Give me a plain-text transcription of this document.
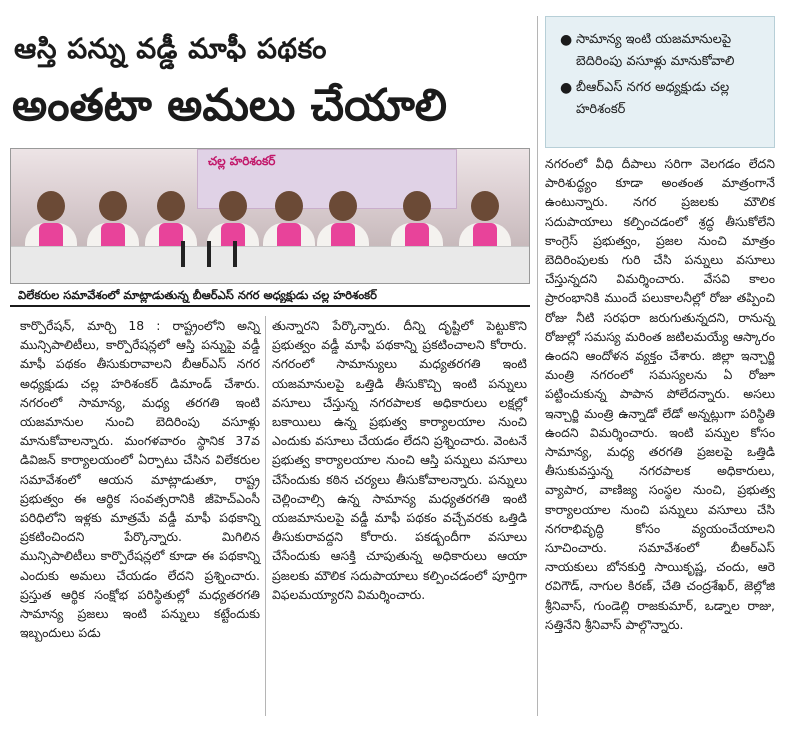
ఆస్తి పన్ను వడ్డీ మాఫీ పథకం
అంతటా అమలు చేయాలి
● సామాన్య ఇంటి యజమానులపై బెదిరింపు వసూళ్లు మానుకోవాలి
● బీఆర్ఎస్ నగర అధ్యక్షుడు చల్ల హరిశంకర్
చల్ల హరిశంకర్
విలేకరుల సమావేశంలో మాట్లాడుతున్న బీఆర్ఎస్ నగర అధ్యక్షుడు చల్ల హరిశంకర్

కార్పొరేషన్, మార్చి 18 : రాష్ట్రంలోని అన్ని మున్సిపాలిటీలు, కార్పొరేషన్లలో ఆస్తి పన్నుపై వడ్డీ మాఫీ పథకం తీసుకురావాలని బీఆర్ఎస్ నగర అధ్యక్షుడు చల్ల హరిశంకర్ డిమాండ్ చేశారు. నగరంలో సామాన్య, మధ్య తరగతి ఇంటి యజమానుల నుంచి బెదిరింపు వసూళ్లు మానుకోవాలన్నారు. మంగళవారం స్థానిక 37వ డివిజన్ కార్యాలయంలో ఏర్పాటు చేసిన విలేకరుల సమావేశంలో ఆయన మాట్లాడుతూ, రాష్ట్ర ప్రభుత్వం ఈ ఆర్థిక సంవత్సరానికి జీహెచ్ఎంసీ పరిధిలోని ఇళ్లకు మాత్రమే వడ్డీ మాఫీ పథకాన్ని ప్రకటించిందని పేర్కొన్నారు. మిగిలిన మున్సిపాలిటీలు కార్పొరేషన్లలో కూడా ఈ పథకాన్ని ఎందుకు అమలు చేయడం లేదని ప్రశ్నించారు. ప్రస్తుత ఆర్థిక సంక్షోభ పరిస్థితుల్లో మధ్యతరగతి సామాన్య ప్రజలు ఇంటి పన్నులు కట్టేందుకు ఇబ్బందులు పడు

తున్నారని పేర్కొన్నారు. దీన్ని దృష్టిలో పెట్టుకొని ప్రభుత్వం వడ్డీ మాఫీ పథకాన్ని ప్రకటించాలని కోరారు. నగరంలో సామాన్యులు మధ్యతరగతి ఇంటి యజమానులపై ఒత్తిడి తీసుకొచ్చి ఇంటి పన్నులు వసూలు చేస్తున్న నగరపాలక అధికారులు లక్షల్లో బకాయిలు ఉన్న ప్రభుత్వ కార్యాలయాల నుంచి ఎందుకు వసూలు చేయడం లేదని ప్రశ్నించారు. వెంటనే ప్రభుత్వ కార్యాలయాల నుంచి ఆస్తి పన్నులు వసూలు చేసేందుకు కఠిన చర్యలు తీసుకోవాలన్నారు. పన్నులు చెల్లించాల్సి ఉన్న సామాన్య మధ్యతరగతి ఇంటి యజమానులపై వడ్డీ మాఫీ పథకం వచ్చేవరకు ఒత్తిడి తీసుకురావద్దని కోరారు. పకడ్బందీగా వసూలు చేసేందుకు ఆసక్తి చూపుతున్న అధికారులు ఆయా ప్రజలకు మౌలిక సదుపాయాలు కల్పించడంలో పూర్తిగా విఫలమయ్యారని విమర్శించారు.

నగరంలో వీధి దీపాలు సరిగా వెలగడం లేదని పారిశుద్ధ్యం కూడా అంతంత మాత్రంగానే ఉంటున్నారు. నగర ప్రజలకు మౌలిక సదుపాయాలు కల్పించడంలో శ్రద్ధ తీసుకోలేని కాంగ్రెస్ ప్రభుత్వం, ప్రజల నుంచి మాత్రం బెదిరింపులకు గురి చేసి పన్నులు వసూలు చేస్తున్నదని విమర్శించారు. వేసవి కాలం ప్రారంభానికి ముందే పలుకాలనీల్లో రోజు తప్పించి రోజు నీటి సరఫరా జరుగుతున్నదని, రానున్న రోజుల్లో సమస్య మరింత జటిలమయ్యే ఆస్కారం ఉందని ఆందోళన వ్యక్తం చేశారు. జిల్లా ఇన్చార్జి మంత్రి నగరంలో సమస్యలను ఏ రోజూ పట్టించుకున్న పాపాన పోలేదన్నారు. అసలు ఇన్చార్జి మంత్రి ఉన్నాడో లేడో అన్నట్లుగా పరిస్థితి ఉందని విమర్శించారు. ఇంటి పన్నుల కోసం సామాన్య, మధ్య తరగతి ప్రజలపై ఒత్తిడి తీసుకువస్తున్న నగరపాలక అధికారులు, వ్యాపార, వాణిజ్య సంస్థల నుంచి, ప్రభుత్వ కార్యాలయాల నుంచి పన్నులు వసూలు చేసి నగరాభివృద్ధి కోసం వ్యయంచేయాలని సూచించారు. సమావేశంలో బీఆర్ఎస్ నాయకులు బోనకుర్తి సాయికృష్ణ, చందు, ఆరె రవిగౌడ్, నాగుల కిరణ్, చేతి చంద్రశేఖర్, జెల్లోజి శ్రీనివాస్, గుండెల్లి రాజకుమార్, ఒడ్నాల రాజు, సత్తినేని శ్రీనివాస్ పాల్గొన్నారు.
